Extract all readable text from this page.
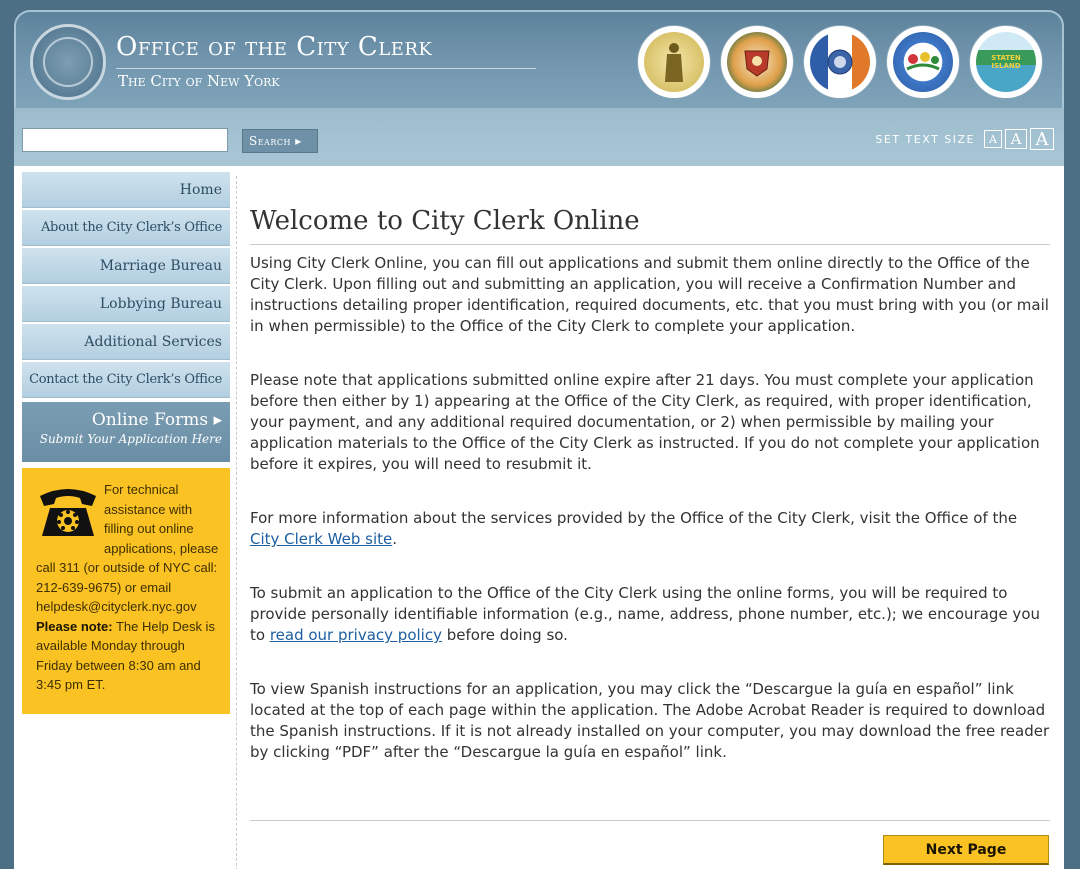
Office of the City Clerk
The City of New York
STATEN ISLAND
Search ▸	SET TEXT SIZE	A A A
Home
About the City Clerk’s Office
Marriage Bureau
Lobbying Bureau
Additional Services
Contact the City Clerk’s Office
Online Forms ▸
Submit Your Application Here
For technical assistance with filling out online applications, please call 311 (or outside of NYC call: 212-639-9675) or email helpdesk@cityclerk.nyc.gov
Please note: The Help Desk is available Monday through Friday between 8:30 am and 3:45 pm ET.
Welcome to City Clerk Online

Using City Clerk Online, you can fill out applications and submit them online directly to the Office of the City Clerk. Upon filling out and submitting an application, you will receive a Confirmation Number and instructions detailing proper identification, required documents, etc. that you must bring with you (or mail in when permissible) to the Office of the City Clerk to complete your application.

Please note that applications submitted online expire after 21 days. You must complete your application before then either by 1) appearing at the Office of the City Clerk, as required, with proper identification, your payment, and any additional required documentation, or 2) when permissible by mailing your application materials to the Office of the City Clerk as instructed. If you do not complete your application before it expires, you will need to resubmit it.

For more information about the services provided by the Office of the City Clerk, visit the Office of the City Clerk Web site.

To submit an application to the Office of the City Clerk using the online forms, you will be required to provide personally identifiable information (e.g., name, address, phone number, etc.); we encourage you to read our privacy policy before doing so.

To view Spanish instructions for an application, you may click the “Descargue la guía en español” link located at the top of each page within the application. The Adobe Acrobat Reader is required to download the Spanish instructions. If it is not already installed on your computer, you may download the free reader by clicking “PDF” after the “Descargue la guía en español” link.

Next Page
